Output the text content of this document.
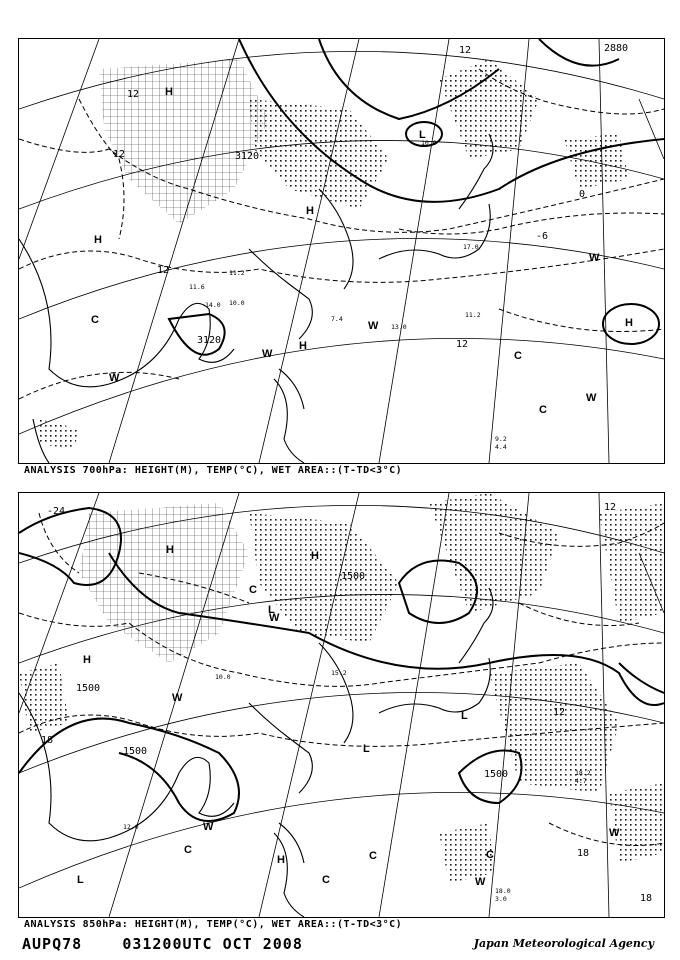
12
12
12
12
12
3120
3120
2880
0
-6
H
H
H
H
H
L
C
C
C
W
W
W
W
W
11.6
11.2
10.0
14.0
7.4	11.2
9.2
4.4
13.0
10.0
17.0
ANALYSIS 700hPa: HEIGHT(M), TEMP(°C), WET AREA::(T-TD<3°C)
-24
1500
1500
1500
1500
12
18
18
18
12
H	H
H
H
L
L
L
L
C
C
C
C	C
W
W	W
W
W
12.0
18.2
4.7
18.0
3.0
15.2
10.0
ANALYSIS 850hPa: HEIGHT(M), TEMP(°C), WET AREA::(T-TD<3°C)
AUPQ78	031200UTC OCT 2008	Japan Meteorological Agency
